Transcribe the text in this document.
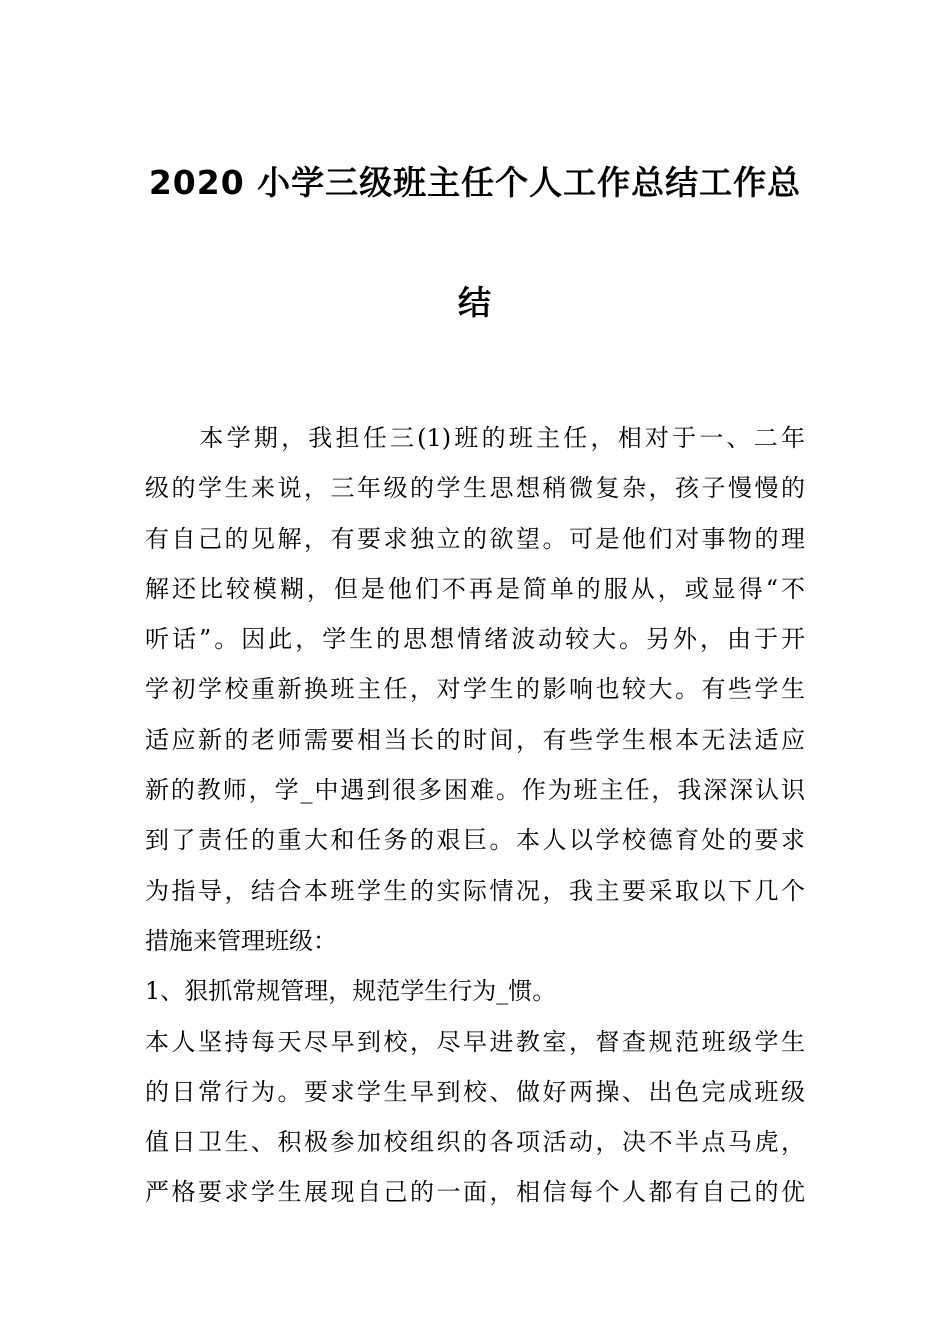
2020 小学三级班主任个人工作总结工作总
结
　　本学期，我担任三(1)班的班主任，相对于一、二年
级的学生来说，三年级的学生思想稍微复杂，孩子慢慢的
有自己的见解，有要求独立的欲望。可是他们对事物的理
解还比较模糊，但是他们不再是简单的服从，或显得“不
听话”。因此，学生的思想情绪波动较大。另外，由于开
学初学校重新换班主任，对学生的影响也较大。有些学生
适应新的老师需要相当长的时间，有些学生根本无法适应
新的教师，学_中遇到很多困难。作为班主任，我深深认识
到了责任的重大和任务的艰巨。本人以学校德育处的要求
为指导，结合本班学生的实际情况，我主要采取以下几个
措施来管理班级：
1、狠抓常规管理，规范学生行为_惯。
本人坚持每天尽早到校，尽早进教室，督查规范班级学生
的日常行为。要求学生早到校、做好两操、出色完成班级
值日卫生、积极参加校组织的各项活动，决不半点马虎，
严格要求学生展现自己的一面，相信每个人都有自己的优
